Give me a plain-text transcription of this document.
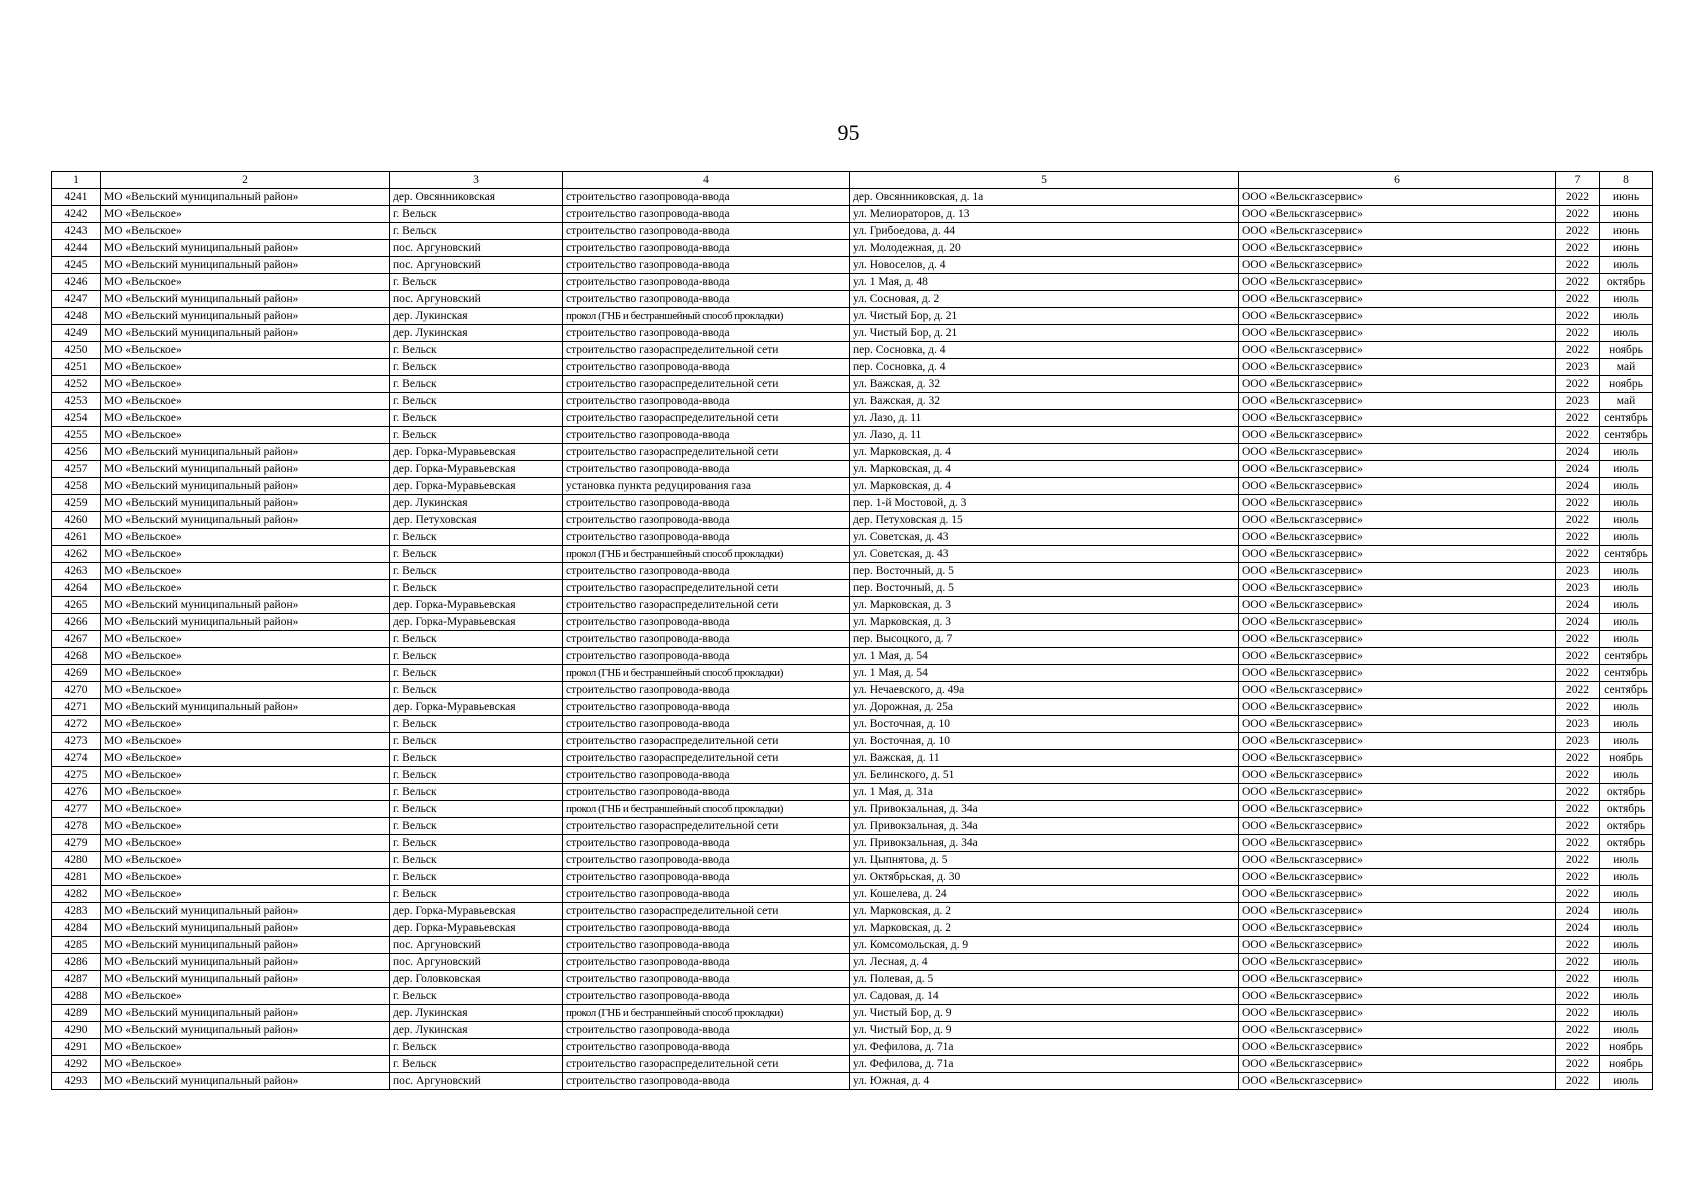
95
1	2	3	4	5	6	7	8
4241	МО «Вельский муниципальный район»	дер. Овсянниковская	строительство газопровода-ввода	дер. Овсянниковская, д. 1а	ООО «Вельскгазсервис»	2022	июнь
4242	МО «Вельское»	г. Вельск	строительство газопровода-ввода	ул. Мелиораторов, д. 13	ООО «Вельскгазсервис»	2022	июнь
4243	МО «Вельское»	г. Вельск	строительство газопровода-ввода	ул. Грибоедова, д. 44	ООО «Вельскгазсервис»	2022	июнь
4244	МО «Вельский муниципальный район»	пос. Аргуновский	строительство газопровода-ввода	ул. Молодежная, д. 20	ООО «Вельскгазсервис»	2022	июнь
4245	МО «Вельский муниципальный район»	пос. Аргуновский	строительство газопровода-ввода	ул. Новоселов, д. 4	ООО «Вельскгазсервис»	2022	июль
4246	МО «Вельское»	г. Вельск	строительство газопровода-ввода	ул. 1 Мая, д. 48	ООО «Вельскгазсервис»	2022	октябрь
4247	МО «Вельский муниципальный район»	пос. Аргуновский	строительство газопровода-ввода	ул. Сосновая, д. 2	ООО «Вельскгазсервис»	2022	июль
4248	МО «Вельский муниципальный район»	дер. Лукинская	прокол (ГНБ и бестраншейный способ прокладки)	ул. Чистый Бор, д. 21	ООО «Вельскгазсервис»	2022	июль
4249	МО «Вельский муниципальный район»	дер. Лукинская	строительство газопровода-ввода	ул. Чистый Бор, д. 21	ООО «Вельскгазсервис»	2022	июль
4250	МО «Вельское»	г. Вельск	строительство газораспределительной сети	пер. Сосновка, д. 4	ООО «Вельскгазсервис»	2022	ноябрь
4251	МО «Вельское»	г. Вельск	строительство газопровода-ввода	пер. Сосновка, д. 4	ООО «Вельскгазсервис»	2023	май
4252	МО «Вельское»	г. Вельск	строительство газораспределительной сети	ул. Важская, д. 32	ООО «Вельскгазсервис»	2022	ноябрь
4253	МО «Вельское»	г. Вельск	строительство газопровода-ввода	ул. Важская, д. 32	ООО «Вельскгазсервис»	2023	май
4254	МО «Вельское»	г. Вельск	строительство газораспределительной сети	ул. Лазо, д. 11	ООО «Вельскгазсервис»	2022	сентябрь
4255	МО «Вельское»	г. Вельск	строительство газопровода-ввода	ул. Лазо, д. 11	ООО «Вельскгазсервис»	2022	сентябрь
4256	МО «Вельский муниципальный район»	дер. Горка-Муравьевская	строительство газораспределительной сети	ул. Марковская, д. 4	ООО «Вельскгазсервис»	2024	июль
4257	МО «Вельский муниципальный район»	дер. Горка-Муравьевская	строительство газопровода-ввода	ул. Марковская, д. 4	ООО «Вельскгазсервис»	2024	июль
4258	МО «Вельский муниципальный район»	дер. Горка-Муравьевская	установка пункта редуцирования газа	ул. Марковская, д. 4	ООО «Вельскгазсервис»	2024	июль
4259	МО «Вельский муниципальный район»	дер. Лукинская	строительство газопровода-ввода	пер. 1-й Мостовой, д. 3	ООО «Вельскгазсервис»	2022	июль
4260	МО «Вельский муниципальный район»	дер. Петуховская	строительство газопровода-ввода	дер. Петуховская д. 15	ООО «Вельскгазсервис»	2022	июль
4261	МО «Вельское»	г. Вельск	строительство газопровода-ввода	ул. Советская, д. 43	ООО «Вельскгазсервис»	2022	июль
4262	МО «Вельское»	г. Вельск	прокол (ГНБ и бестраншейный способ прокладки)	ул. Советская, д. 43	ООО «Вельскгазсервис»	2022	сентябрь
4263	МО «Вельское»	г. Вельск	строительство газопровода-ввода	пер. Восточный, д. 5	ООО «Вельскгазсервис»	2023	июль
4264	МО «Вельское»	г. Вельск	строительство газораспределительной сети	пер. Восточный, д. 5	ООО «Вельскгазсервис»	2023	июль
4265	МО «Вельский муниципальный район»	дер. Горка-Муравьевская	строительство газораспределительной сети	ул. Марковская, д. 3	ООО «Вельскгазсервис»	2024	июль
4266	МО «Вельский муниципальный район»	дер. Горка-Муравьевская	строительство газопровода-ввода	ул. Марковская, д. 3	ООО «Вельскгазсервис»	2024	июль
4267	МО «Вельское»	г. Вельск	строительство газопровода-ввода	пер. Высоцкого, д. 7	ООО «Вельскгазсервис»	2022	июль
4268	МО «Вельское»	г. Вельск	строительство газопровода-ввода	ул. 1 Мая, д. 54	ООО «Вельскгазсервис»	2022	сентябрь
4269	МО «Вельское»	г. Вельск	прокол (ГНБ и бестраншейный способ прокладки)	ул. 1 Мая, д. 54	ООО «Вельскгазсервис»	2022	сентябрь
4270	МО «Вельское»	г. Вельск	строительство газопровода-ввода	ул. Нечаевского, д. 49а	ООО «Вельскгазсервис»	2022	сентябрь
4271	МО «Вельский муниципальный район»	дер. Горка-Муравьевская	строительство газопровода-ввода	ул. Дорожная, д. 25а	ООО «Вельскгазсервис»	2022	июль
4272	МО «Вельское»	г. Вельск	строительство газопровода-ввода	ул. Восточная, д. 10	ООО «Вельскгазсервис»	2023	июль
4273	МО «Вельское»	г. Вельск	строительство газораспределительной сети	ул. Восточная, д. 10	ООО «Вельскгазсервис»	2023	июль
4274	МО «Вельское»	г. Вельск	строительство газораспределительной сети	ул. Важская, д. 11	ООО «Вельскгазсервис»	2022	ноябрь
4275	МО «Вельское»	г. Вельск	строительство газопровода-ввода	ул. Белинского, д. 51	ООО «Вельскгазсервис»	2022	июль
4276	МО «Вельское»	г. Вельск	строительство газопровода-ввода	ул. 1 Мая, д. 31а	ООО «Вельскгазсервис»	2022	октябрь
4277	МО «Вельское»	г. Вельск	прокол (ГНБ и бестраншейный способ прокладки)	ул. Привокзальная, д. 34а	ООО «Вельскгазсервис»	2022	октябрь
4278	МО «Вельское»	г. Вельск	строительство газораспределительной сети	ул. Привокзальная, д. 34а	ООО «Вельскгазсервис»	2022	октябрь
4279	МО «Вельское»	г. Вельск	строительство газопровода-ввода	ул. Привокзальная, д. 34а	ООО «Вельскгазсервис»	2022	октябрь
4280	МО «Вельское»	г. Вельск	строительство газопровода-ввода	ул. Цыпнятова, д. 5	ООО «Вельскгазсервис»	2022	июль
4281	МО «Вельское»	г. Вельск	строительство газопровода-ввода	ул. Октябрьская, д. 30	ООО «Вельскгазсервис»	2022	июль
4282	МО «Вельское»	г. Вельск	строительство газопровода-ввода	ул. Кошелева, д. 24	ООО «Вельскгазсервис»	2022	июль
4283	МО «Вельский муниципальный район»	дер. Горка-Муравьевская	строительство газораспределительной сети	ул. Марковская, д. 2	ООО «Вельскгазсервис»	2024	июль
4284	МО «Вельский муниципальный район»	дер. Горка-Муравьевская	строительство газопровода-ввода	ул. Марковская, д. 2	ООО «Вельскгазсервис»	2024	июль
4285	МО «Вельский муниципальный район»	пос. Аргуновский	строительство газопровода-ввода	ул. Комсомольская, д. 9	ООО «Вельскгазсервис»	2022	июль
4286	МО «Вельский муниципальный район»	пос. Аргуновский	строительство газопровода-ввода	ул. Лесная, д. 4	ООО «Вельскгазсервис»	2022	июль
4287	МО «Вельский муниципальный район»	дер. Головковская	строительство газопровода-ввода	ул. Полевая, д. 5	ООО «Вельскгазсервис»	2022	июль
4288	МО «Вельское»	г. Вельск	строительство газопровода-ввода	ул. Садовая, д. 14	ООО «Вельскгазсервис»	2022	июль
4289	МО «Вельский муниципальный район»	дер. Лукинская	прокол (ГНБ и бестраншейный способ прокладки)	ул. Чистый Бор, д. 9	ООО «Вельскгазсервис»	2022	июль
4290	МО «Вельский муниципальный район»	дер. Лукинская	строительство газопровода-ввода	ул. Чистый Бор, д. 9	ООО «Вельскгазсервис»	2022	июль
4291	МО «Вельское»	г. Вельск	строительство газопровода-ввода	ул. Фефилова, д. 71а	ООО «Вельскгазсервис»	2022	ноябрь
4292	МО «Вельское»	г. Вельск	строительство газораспределительной сети	ул. Фефилова, д. 71а	ООО «Вельскгазсервис»	2022	ноябрь
4293	МО «Вельский муниципальный район»	пос. Аргуновский	строительство газопровода-ввода	ул. Южная, д. 4	ООО «Вельскгазсервис»	2022	июль
